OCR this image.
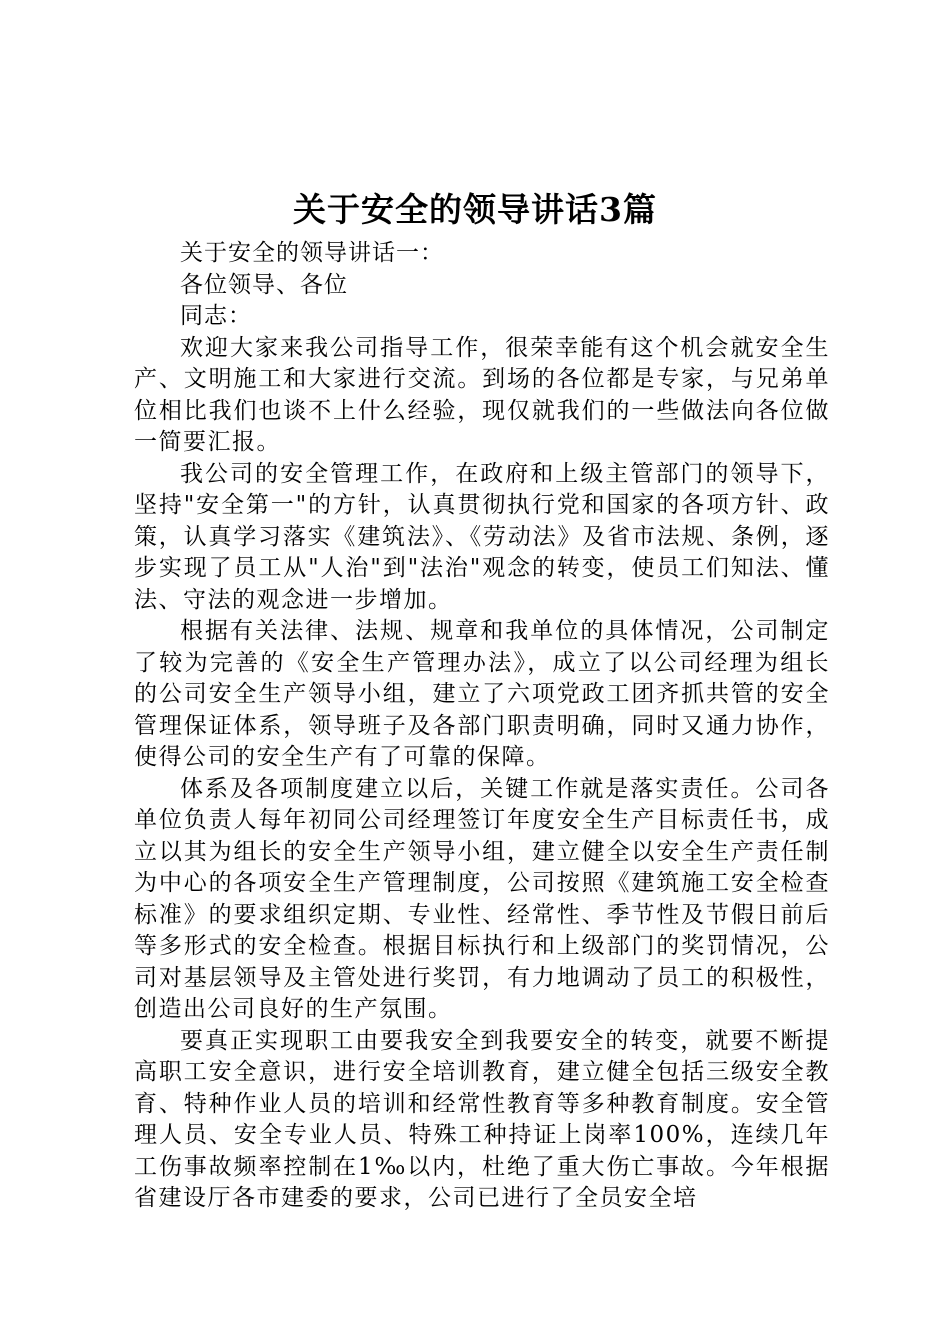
关于安全的领导讲话3篇

关于安全的领导讲话一：

各位领导、各位

同志：

欢迎大家来我公司指导工作，很荣幸能有这个机会就安全生产、文明施工和大家进行交流。到场的各位都是专家，与兄弟单位相比我们也谈不上什么经验，现仅就我们的一些做法向各位做一简要汇报。

我公司的安全管理工作，在政府和上级主管部门的领导下，坚持"安全第一"的方针，认真贯彻执行党和国家的各项方针、政策，认真学习落实《建筑法》、《劳动法》及省市法规、条例，逐步实现了员工从"人治"到"法治"观念的转变，使员工们知法、懂法、守法的观念进一步增加。

根据有关法律、法规、规章和我单位的具体情况，公司制定了较为完善的《安全生产管理办法》，成立了以公司经理为组长的公司安全生产领导小组，建立了六项党政工团齐抓共管的安全管理保证体系，领导班子及各部门职责明确，同时又通力协作，使得公司的安全生产有了可靠的保障。

体系及各项制度建立以后，关键工作就是落实责任。公司各单位负责人每年初同公司经理签订年度安全生产目标责任书，成立以其为组长的安全生产领导小组，建立健全以安全生产责任制为中心的各项安全生产管理制度，公司按照《建筑施工安全检查标准》的要求组织定期、专业性、经常性、季节性及节假日前后等多形式的安全检查。根据目标执行和上级部门的奖罚情况，公司对基层领导及主管处进行奖罚，有力地调动了员工的积极性，创造出公司良好的生产氛围。

要真正实现职工由要我安全到我要安全的转变，就要不断提高职工安全意识，进行安全培训教育，建立健全包括三级安全教育、特种作业人员的培训和经常性教育等多种教育制度。安全管理人员、安全专业人员、特殊工种持证上岗率100%，连续几年工伤事故频率控制在1‰以内，杜绝了重大伤亡事故。今年根据省建设厅各市建委的要求，公司已进行了全员安全培
